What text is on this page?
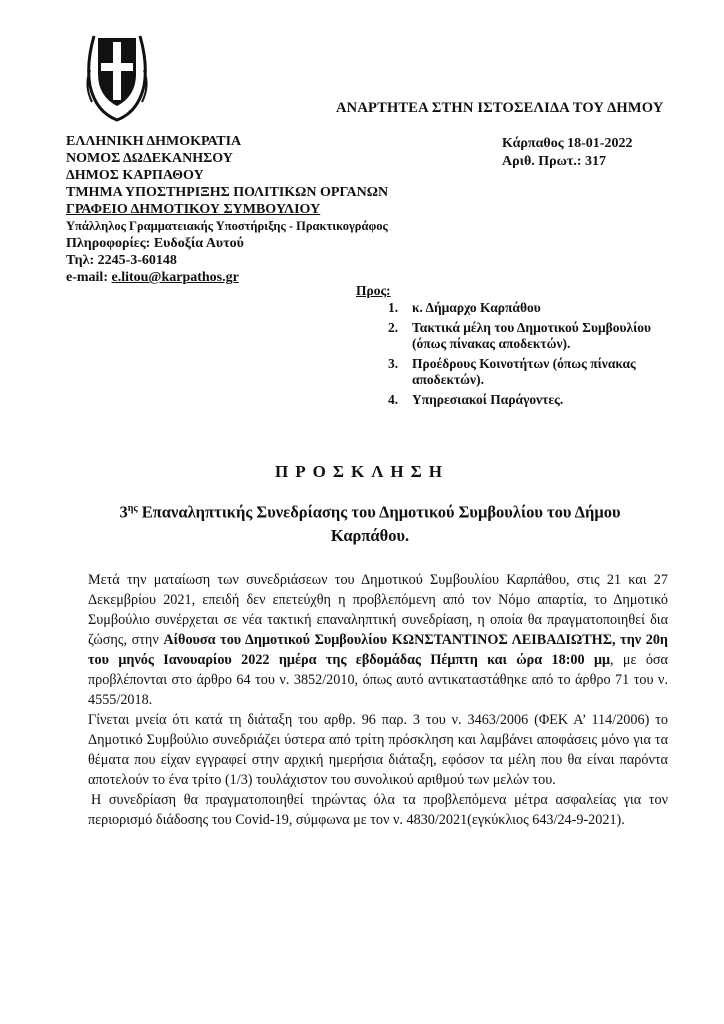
ΑΝΑΡΤΗΤΕΑ ΣΤΗΝ ΙΣΤΟΣΕΛΙΔΑ ΤΟΥ ΔΗΜΟΥ
ΕΛΛΗΝΙΚΗ ΔΗΜΟΚΡΑΤΙΑ
ΝΟΜΟΣ ΔΩΔΕΚΑΝΗΣΟΥ
ΔΗΜΟΣ ΚΑΡΠΑΘΟΥ
ΤΜΗΜΑ ΥΠΟΣΤΗΡΙΞΗΣ ΠΟΛΙΤΙΚΩΝ ΟΡΓΑΝΩΝ
ΓΡΑΦΕΙΟ ΔΗΜΟΤΙΚΟΥ ΣΥΜΒΟΥΛΙΟΥ
Υπάλληλος Γραμματειακής Υποστήριξης - Πρακτικογράφος
Πληροφορίες: Ευδοξία Αυτού
Τηλ: 2245-3-60148
e-mail: e.litou@karpathos.gr
Κάρπαθος 18-01-2022
Αριθ. Πρωτ.: 317
Προς:
1.	κ. Δήμαρχο Καρπάθου
2.	Τακτικά μέλη του Δημοτικού Συμβουλίου (όπως πίνακας αποδεκτών).
3.	Προέδρους Κοινοτήτων (όπως πίνακας αποδεκτών).
4.	Υπηρεσιακοί Παράγοντες.
ΠΡΟΣΚΛΗΣΗ
$3^{\eta\varsigma}$ Επαναληπτικής Συνεδρίασης του Δημοτικού Συμβουλίου του Δήμου Καρπάθου.

Μετά την ματαίωση των συνεδριάσεων του Δημοτικού Συμβουλίου Καρπάθου, στις 21 και 27 Δεκεμβρίου 2021, επειδή δεν επετεύχθη η προβλεπόμενη από τον Νόμο απαρτία, το Δημοτικό Συμβούλιο συνέρχεται σε νέα τακτική επαναληπτική συνεδρίαση, η οποία θα πραγματοποιηθεί δια ζώσης, στην Αίθουσα του Δημοτικού Συμβουλίου ΚΩΝΣΤΑΝΤΙΝΟΣ ΛΕΙΒΑΔΙΩΤΗΣ, την 20η του μηνός Ιανουαρίου 2022 ημέρα της εβδομάδας Πέμπτη και ώρα 18:00 μμ, με όσα προβλέπονται στο άρθρο 64 του ν. 3852/2010, όπως αυτό αντικαταστάθηκε από το άρθρο 71 του ν. 4555/2018.

Γίνεται μνεία ότι κατά τη διάταξη του αρθρ. 96 παρ. 3 του ν. 3463/2006 (ΦΕΚ Α’ 114/2006) το Δημοτικό Συμβούλιο συνεδριάζει ύστερα από τρίτη πρόσκληση και λαμβάνει αποφάσεις μόνο για τα θέματα που είχαν εγγραφεί στην αρχική ημερήσια διάταξη, εφόσον τα μέλη που θα είναι παρόντα αποτελούν το ένα τρίτο (1/3) τουλάχιστον του συνολικού αριθμού των μελών του.

Η συνεδρίαση θα πραγματοποιηθεί τηρώντας όλα τα προβλεπόμενα μέτρα ασφαλείας για τον περιορισμό διάδοσης του Covid-19, σύμφωνα με τον ν. 4830/2021(εγκύκλιος 643/24-9-2021).
